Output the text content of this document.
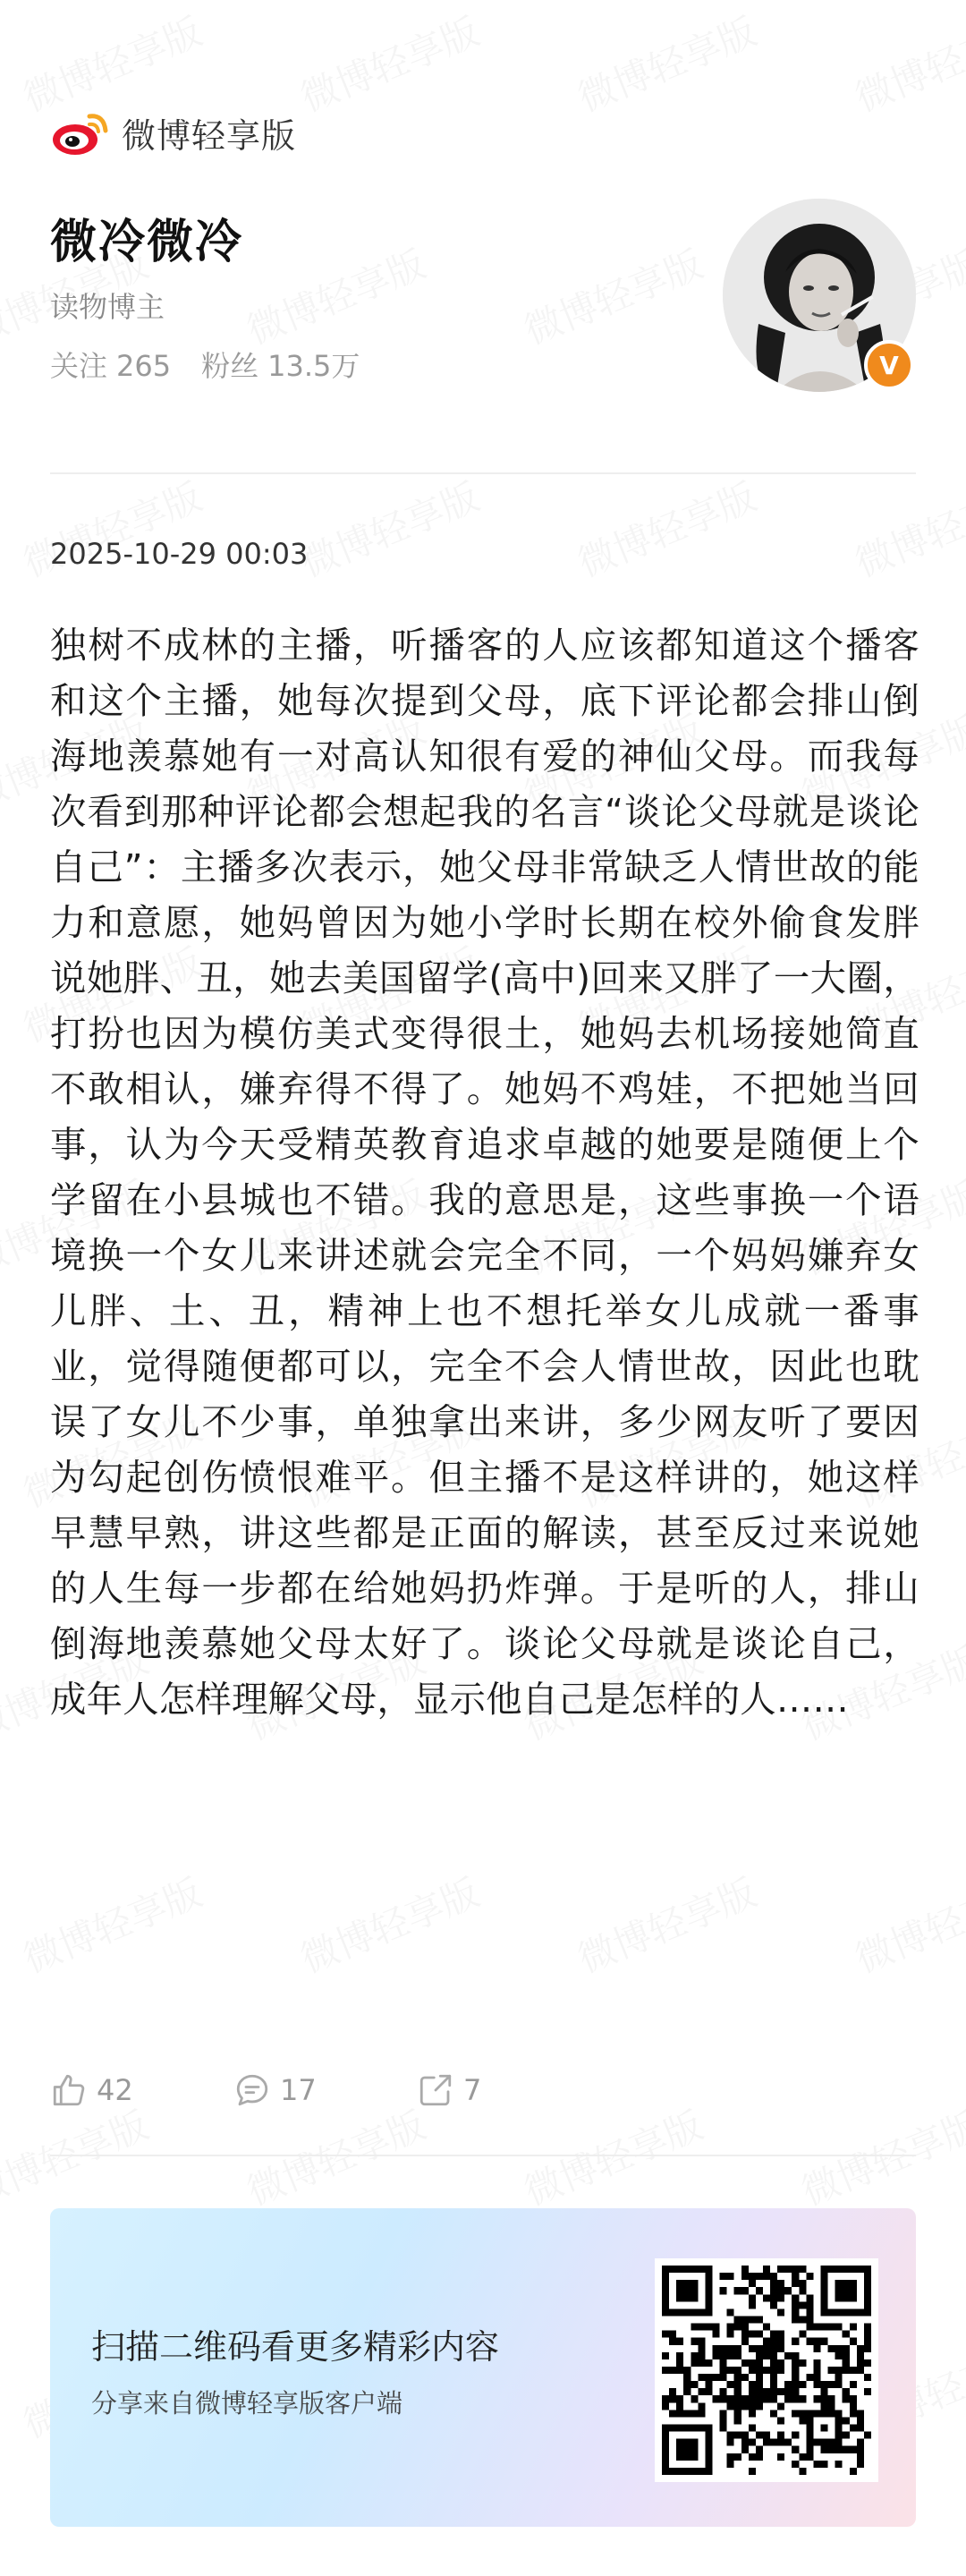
微博轻享版
微冷微冷
读物博主
关注 265 粉丝 13.5万	V
2025-10-29 00:03
独树不成林的主播，听播客的人应该都知道这个播客和这个主播，她每次提到父母，底下评论都会排山倒海地羡慕她有一对高认知很有爱的神仙父母。而我每次看到那种评论都会想起我的名言“谈论父母就是谈论自己”：主播多次表示，她父母非常缺乏人情世故的能力和意愿，她妈曾因为她小学时长期在校外偷食发胖说她胖、丑，她去美国留学(高中)回来又胖了一大圈，打扮也因为模仿美式变得很土，她妈去机场接她简直不敢相认，嫌弃得不得了。她妈不鸡娃，不把她当回事，认为今天受精英教育追求卓越的她要是随便上个学留在小县城也不错。我的意思是，这些事换一个语境换一个女儿来讲述就会完全不同，一个妈妈嫌弃女儿胖、土、丑，精神上也不想托举女儿成就一番事业，觉得随便都可以，完全不会人情世故，因此也耽误了女儿不少事，单独拿出来讲，多少网友听了要因为勾起创伤愤恨难平。但主播不是这样讲的，她这样早慧早熟，讲这些都是正面的解读，甚至反过来说她的人生每一步都在给她妈扔炸弹。于是听的人，排山倒海地羡慕她父母太好了。谈论父母就是谈论自己，成年人怎样理解父母，显示他自己是怎样的人……
42	17	7
扫描二维码看更多精彩内容
分享来自微博轻享版客户端
